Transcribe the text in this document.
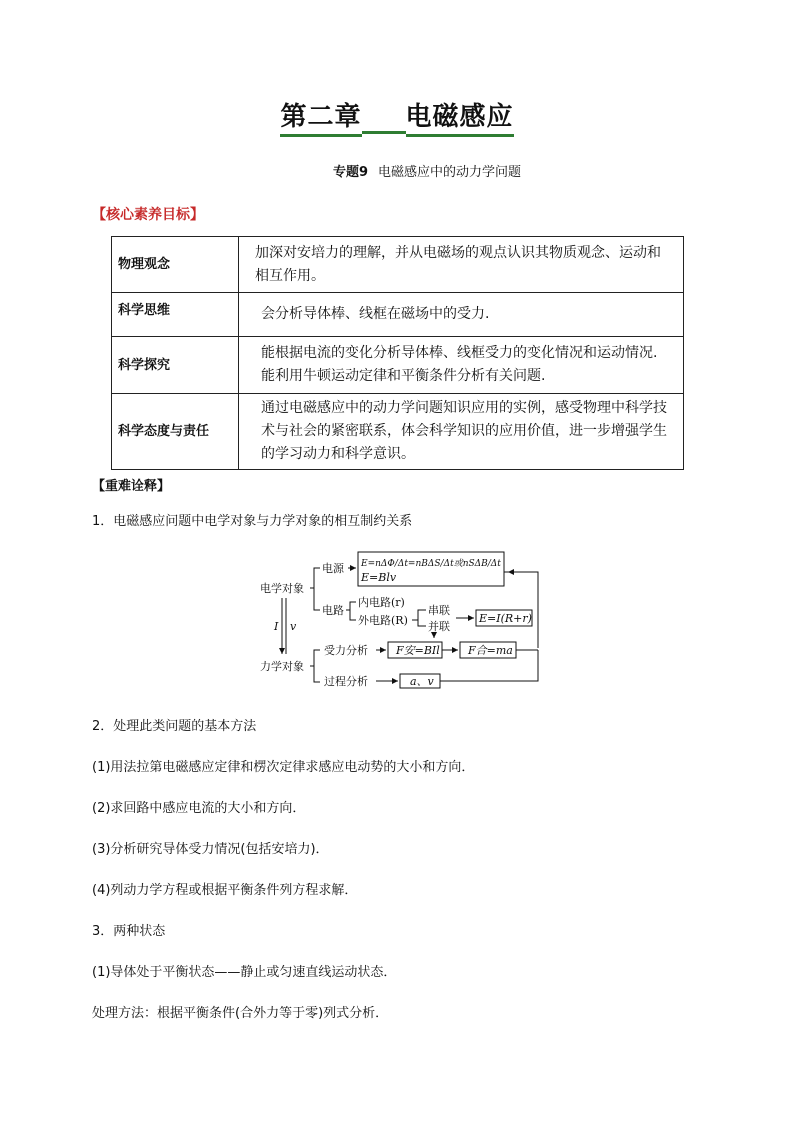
第二章 电磁感应
专题9 电磁感应中的动力学问题
【核心素养目标】
物理观念	加深对安培力的理解，并从电磁场的观点认识其物质观念、运动和相互作用。
科学思维	会分析导体棒、线框在磁场中的受力.
科学探究	能根据电流的变化分析导体棒、线框受力的变化情况和运动情况. 能利用牛顿运动定律和平衡条件分析有关问题.
科学态度与责任	通过电磁感应中的动力学问题知识应用的实例，感受物理中科学技术与社会的紧密联系，体会科学知识的应用价值，进一步增强学生的学习动力和科学意识。
【重难诠释】
1．电磁感应问题中电学对象与力学对象的相互制约关系
电学对象
力学对象
I v
电源 E=nΔΦ/Δt=nBΔS/Δt或nSΔB/Δt
E=Blv
电路
内电路(r)
外电路(R)
串联
并联
E=I(R+r)
受力分析	F安=BIl	F合=ma
过程分析	a、v
2．处理此类问题的基本方法
(1)用法拉第电磁感应定律和楞次定律求感应电动势的大小和方向．
(2)求回路中感应电流的大小和方向．
(3)分析研究导体受力情况(包括安培力)．
(4)列动力学方程或根据平衡条件列方程求解．
3．两种状态
(1)导体处于平衡状态——静止或匀速直线运动状态．
处理方法：根据平衡条件(合外力等于零)列式分析．
